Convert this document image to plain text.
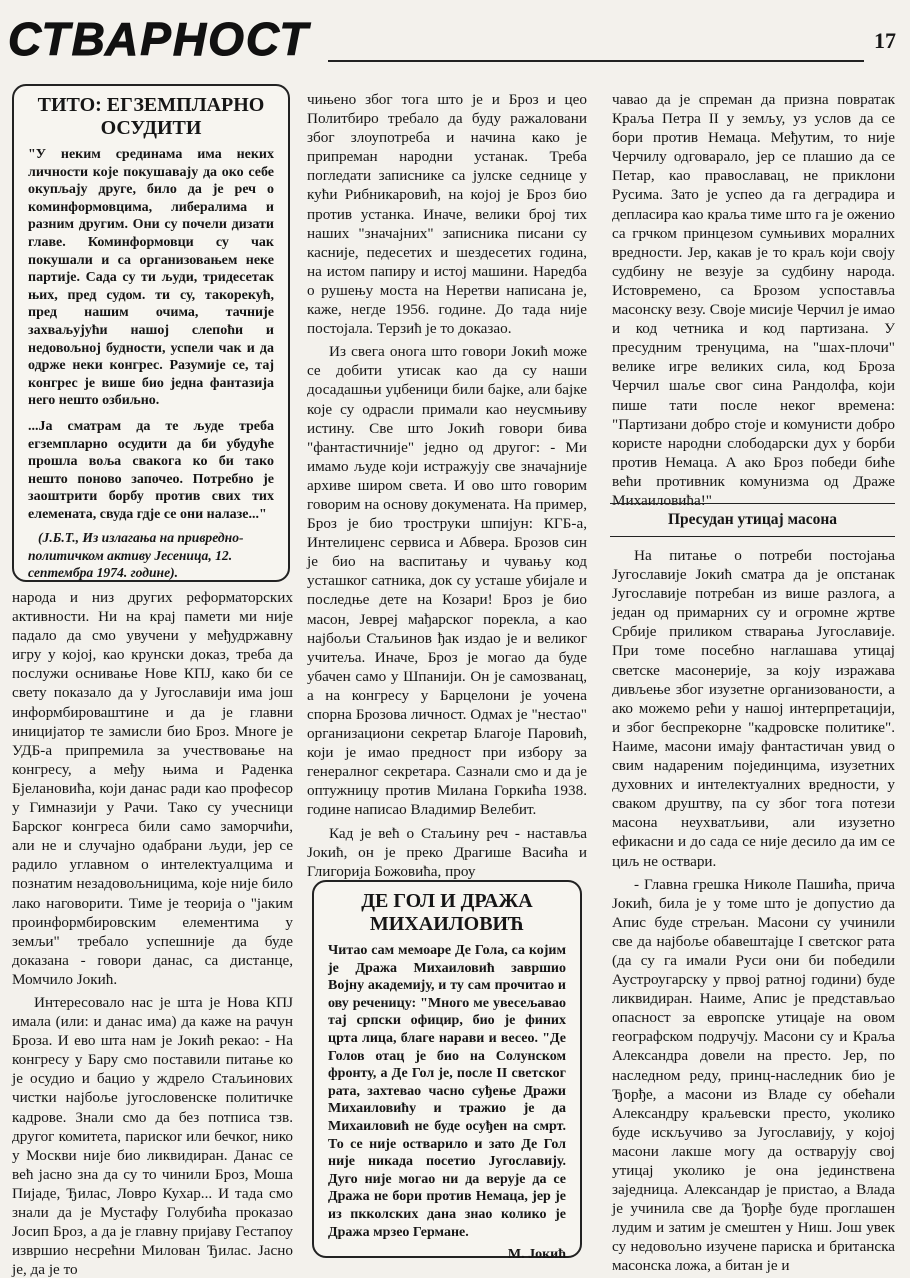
СТВАРНОСТ	17
ТИТО: ЕГЗЕМПЛАРНО ОСУДИТИ

"У неким срединама има неких личности које покушавају да око себе окупљају друге, било да је реч о коминформовцима, либералима и разним другим. Они су почели дизати главе. Коминформовци су чак покушали и са организовањем неке партије. Сада су ти људи, тридесетак њих, пред судом. ти су, такорекућ, пред нашим очима, тачније захваљујући нашој слепоћи и недовољној будности, успели чак и да одрже неки конгрес. Разумије се, тај конгрес је више био једна фантазија него нешто озбиљно.

...Ја сматрам да те људе треба егземпларно осудити да би убудуће прошла воља свакога ко би тако нешто поново започео. Потребно је заоштрити борбу против свих тих елемената, свуда гдје се они налазе..."

(Ј.Б.Т., Из излагања на привредно-политичком активу Јесеница, 12. септембра 1974. године).

народа и низ других реформаторских активности. Ни на крај памети ми није падало да смо увучени у међудржавну игру у којој, као крунски доказ, треба да послужи оснивање Нове КПЈ, како би се свету показало да у Југославији има још информбироваштине и да је главни иницијатор те замисли био Броз. Многе је УДБ-а припремила за учествовање на конгресу, а међу њима и Раденка Бјелановића, који данас ради као професор у Гимназији у Рачи. Тако су учесници Барског конгреса били само заморчићи, али не и случајно одабрани људи, јер се радило углавном о интелектуалцима и познатим незадовољницима, које није било лако наговорити. Тиме је теорија о "јаким проинформбировским елементима у земљи" требало успешније да буде доказана - говори данас, са дистанце, Момчило Јокић.

Интересовало нас је шта је Нова КПЈ имала (или: и данас има) да каже на рачун Броза. И ево шта нам је Јокић рекао: - На конгресу у Бару смо поставили питање ко је осудио и бацио у ждрело Стаљинових чистки најбоље југословенске политичке кадрове. Знали смо да без потписа тзв. другог комитета, парискоr или бечког, нико у Москви није био ликвидиран. Данас се већ јасно зна да су то чинили Броз, Моша Пијаде, Ђилас, Ловро Кухар... И тада смо знали да је Мустафу Голубића проказао Јосип Броз, а да је главну пријаву Гестапоу извршио несрећни Милован Ђилас. Јасно је, да је то

чињено због тога што је и Броз и цео Политбиро требало да буду ражаловани због злоупотреба и начина како је припреман народни устанак. Треба погледати записнике са јулске седнице у кући Рибникаровић, на којој је Броз био против устанка. Иначе, велики број тих наших "значајних" записника писани су касније, педесетих и шездесетих година, на истом папиру и истој машини. Наредба о рушењу моста на Неретви написана је, каже, негде 1956. године. До тада није постојала. Терзић је то доказао.

Из свега онога што говори Јокић може се добити утисак као да су наши досадашњи уџбеници били бајке, али бајке које су одрасли примали као неусмњиву истину. Све што Јокић говори бива "фантастичније" једно од другог: - Ми имамо људе који истражују све значајније архиве широм света. И ово што говорим говорим на основу докумената. На пример, Броз је био троструки шпијун: КГБ-а, Интелиџенс сервиса и Абвера. Брозов син је био на васпитању и чувању код усташког сатника, док су усташе убијале и последње дете на Козари! Броз је био масон, Јеврej мађарског порекла, а као најбољи Стаљинов ђак издао је и великог учитеља. Иначе, Броз је могао да буде убачен само у Шпанији. Он је самозванац, а на конгресу у Барцелони је уочена спорна Брозова личност. Одмах је "нестао" организациони секретар Благоје Паровић, који је имао предност при избору за генералног секретара. Сазнали смо и да је оптужницу против Милана Горкића 1938. године написао Владимир Велебит.

Кад је већ о Стаљину реч - наставља Јокић, он је преко Драгише Васића и Глигорија Божовића, проу

ДЕ ГОЛ И ДРАЖА МИХАИЛОВИЋ

Читао сам мемоаре Де Гола, са којим је Дража Михаиловић завршио Војну академију, и ту сам прочитао и ову реченицу: "Много ме увесељавао тај српски официр, био је финих црта лица, благе нарави и весео. "Де Голов отац је био на Солунском фронту, а Де Гол је, после II светског рата, захтевао часно суђење Дражи Михаиловићу и тражио је да Михаиловић не буде осуђен на смрт. То се није остварило и зато Де Гол није никада посетио Југославију. Дуго није могао ни да верује да се Дража не бори против Немаца, јер је из пкколских дана знао колико је Дража мрзео Германе.

М. Јокић

чаваo да је спреман да призна повратак Краља Петра II у земљу, уз услов да се бори против Немаца. Међутим, то није Черчилу одговарало, јер се плашио да се Петар, као православац, не приклони Русима. Зато је успео да га деградира и депласира као краља тиме што га је оженио са грчком принцезом сумњивих моралних вредности. Јер, какав је то краљ који своју судбину не везује за судбину народа. Истовремено, са Брозом успоставља масонску везу. Своје мисије Черчил је имао и код четника и код партизана. У пресудним тренуцима, на "шах-плочи" велике игре великих сила, код Броза Черчил шаље свог сина Рандолфа, који пише тати после неког времена: "Партизани добро стоје и комунисти добро користе народни слободарски дух у борби против Немаца. А ако Броз победи биће већи противник комунизма од Драже Михаиловића!"

Пресудан утицај масона

На питање о потреби постојања Југославије Јокић сматра да је опстанак Југославије потребан из више разлога, а један од примарних су и огромне жртве Србије приликом стварања Југославије. При томе посебно наглашава утицај светске масонерије, за коју изражава дивљење због изузетне организованости, а ако можемо рећи у нашој интерпретацији, и због беспрекорне "кадровске политике". Наиме, масони имају фантастичан увид о свим надареним појединцима, изузетних духовних и интелектуалних вредности, у сваком друштву, па су због тога потези масона неухватљиви, али изузетно ефикасни и до сада се није десило да им се циљ не оствари.

- Главна грешка Николе Пашића, прича Јокић, била је у томе што је допустио да Апис буде стрељан. Масони су учинили све да најбоље обавештајце I светског рата (да су га имали Руси они би победили Аустроугарску у првој ратној години) буде ликвидиран. Наиме, Апис је представљао опасност за европске утицаје на овом географском подручју. Масони су и Краља Александра довели на престо. Јер, по наследном реду, принц-наследник био је Ђорђе, а масони из Владе су обећали Александру краљевски престо, уколико буде искључиво за Југославију, у којој масони лакше могу да остварују свој утицај уколико је она јединствена заједница. Александар је пристао, а Влада је учинила све да Ђорђе буде проглашен лудим и затим је смештен у Ниш. Још увек су недовољно изучене париска и британска масонска ложа, а битан је и
